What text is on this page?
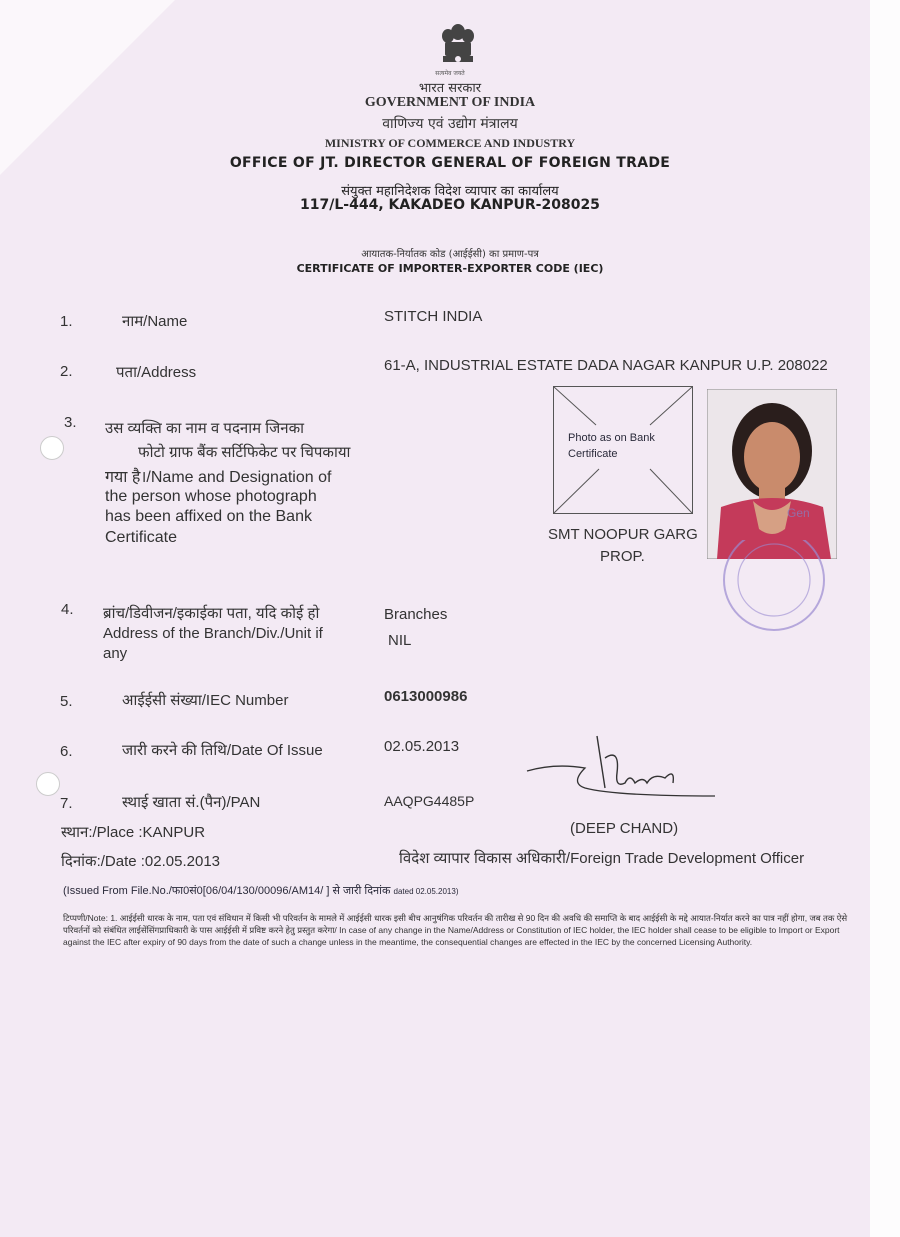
सत्यमेव जयते
भारत सरकार
GOVERNMENT OF INDIA
वाणिज्य एवं उद्योग मंत्रालय
MINISTRY OF COMMERCE AND INDUSTRY
OFFICE OF JT. DIRECTOR GENERAL OF FOREIGN TRADE
संयुक्त महानिदेशक विदेश व्यापार का कार्यालय
117/L-444, KAKADEO KANPUR-208025
आयातक-निर्यातक कोड (आईईसी) का प्रमाण-पत्र
CERTIFICATE OF IMPORTER-EXPORTER CODE (IEC)
1.	नाम/Name	STITCH INDIA
2.	पता/Address	61-A, INDUSTRIAL ESTATE DADA NAGAR KANPUR U.P. 208022
3. उस व्यक्ति का नाम व पदनाम जिनका
फोटो ग्राफ बैंक सर्टिफिकेट पर चिपकाया
गया है।/Name and Designation of
the person whose photograph
has been affixed on the Bank
Certificate
Photo as on Bank
Certificate
SMT NOOPUR GARG
PROP.
Gen
4. ब्रांच/डिवीजन/इकाईका पता, यदि कोई हो
Address of the Branch/Div./Unit if
any
Branches
NIL
5.	आईईसी संख्या/IEC Number	0613000986
6.	जारी करने की तिथि/Date Of Issue	02.05.2013
7.	स्थाई खाता सं.(पैन)/PAN	AAQPG4485P
(DEEP CHAND)
स्थान:/Place :KANPUR
दिनांक:/Date :02.05.2013	विदेश व्यापार विकास अधिकारी/Foreign Trade Development Officer
(Issued From File.No./फा0सं0[06/04/130/00096/AM14/ ] से जारी दिनांक dated 02.05.2013)
टिप्पणी/Note: 1. आईईसी धारक के नाम, पता एवं संविधान में किसी भी परिवर्तन के मामले में आईईसी धारक इसी बीच आनुषंगिक परिवर्तन की तारीख से 90 दिन की अवधि की समाप्ति के बाद आईईसी के मद्दे आयात-निर्यात करने का पात्र नहीं होगा, जब तक ऐसे परिवर्तनों को संबंधित लाईसेंसिंगप्राधिकारी के पास आईईसी में प्रविष्ट करने हेतु प्रस्तुत करेगा/ In case of any change in the Name/Address or Constitution of IEC holder, the IEC holder shall cease to be eligible to Import or Export against the IEC after expiry of 90 days from the date of such a change unless in the meantime, the consequential changes are effected in the IEC by the concerned Licensing Authority.
